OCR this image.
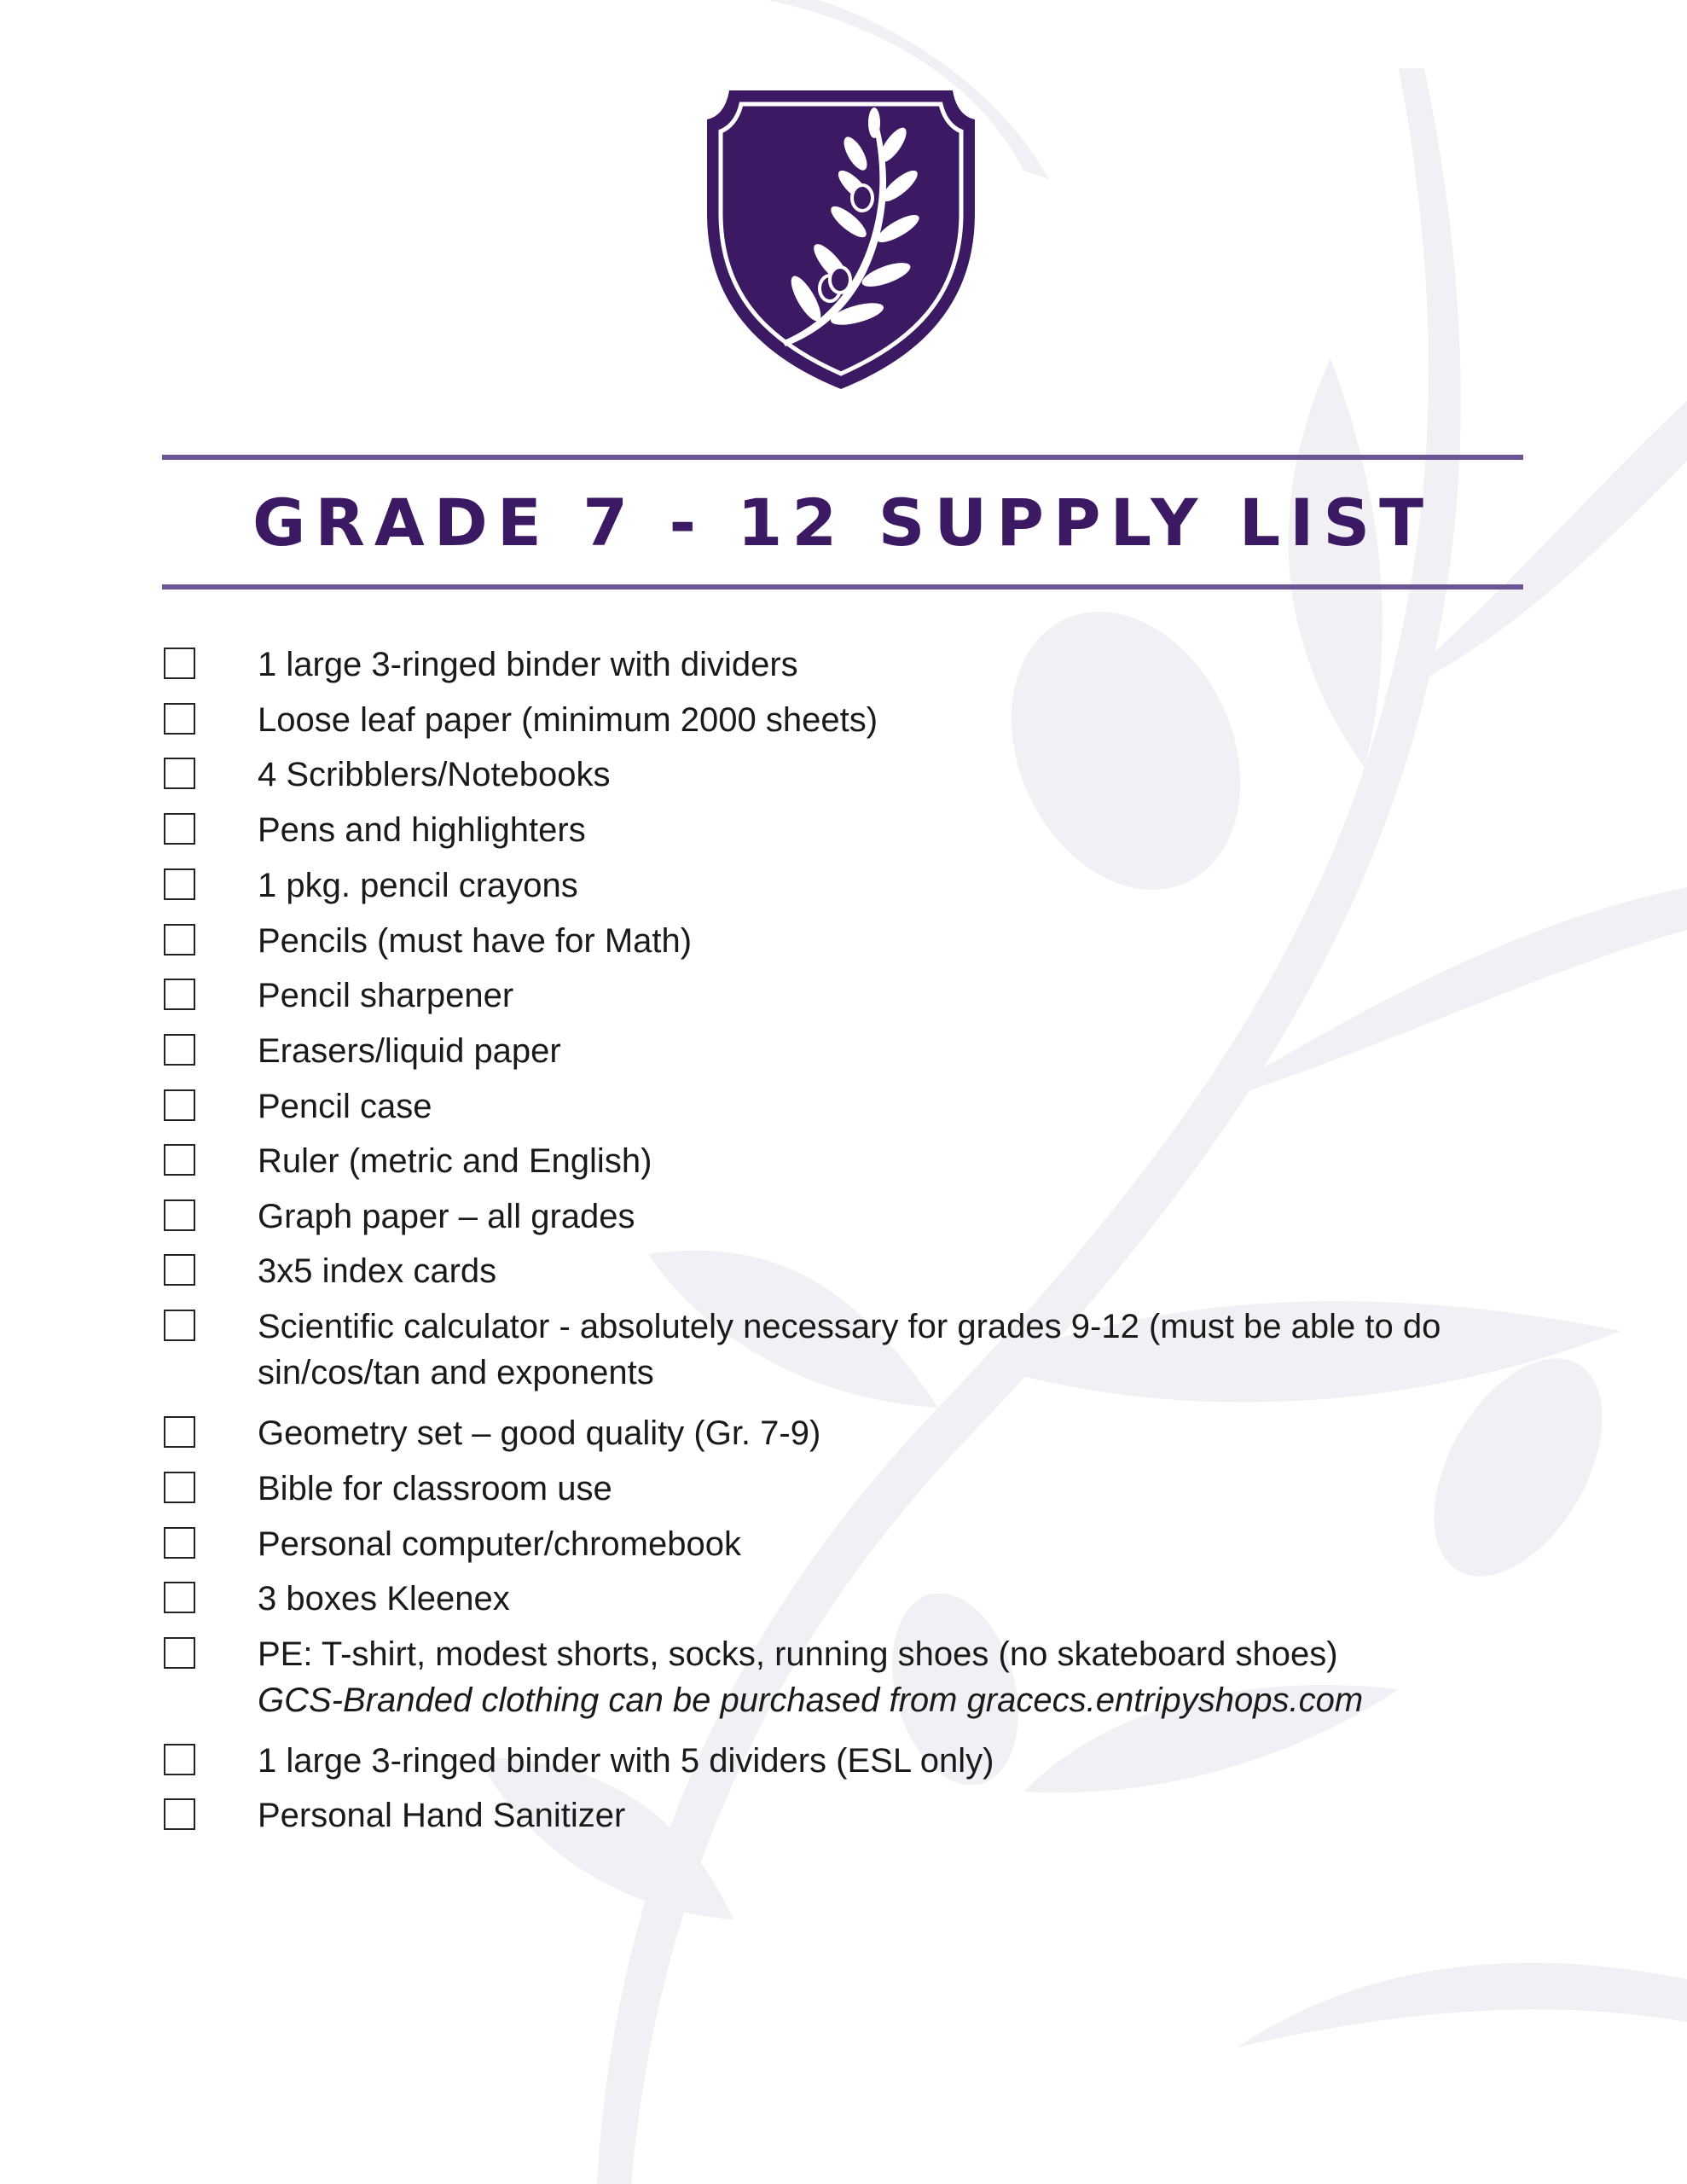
GRADE 7 - 12 SUPPLY LIST
1 large 3-ringed binder with dividers
Loose leaf paper (minimum 2000 sheets)
4 Scribblers/Notebooks
Pens and highlighters
1 pkg. pencil crayons
Pencils (must have for Math)
Pencil sharpener
Erasers/liquid paper
Pencil case
Ruler (metric and English)
Graph paper – all grades
3x5 index cards
Scientific calculator - absolutely necessary for grades 9-12 (must be able to do
sin/cos/tan and exponents
Geometry set – good quality (Gr. 7-9)
Bible for classroom use
Personal computer/chromebook
3 boxes Kleenex
PE: T-shirt, modest shorts, socks, running shoes (no skateboard shoes)
GCS-Branded clothing can be purchased from gracecs.entripyshops.com
1 large 3-ringed binder with 5 dividers (ESL only)
Personal Hand Sanitizer
